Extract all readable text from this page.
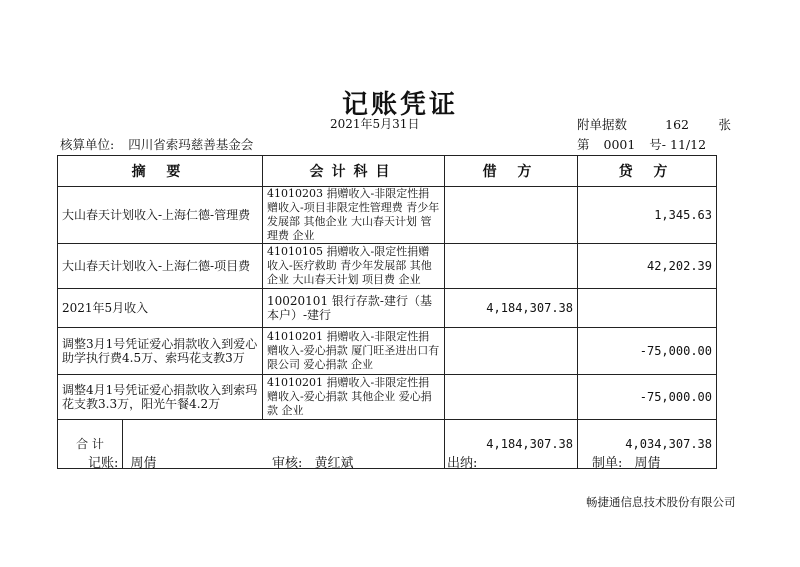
记账凭证
2021年5月31日	附单据数	162 张
核算单位: 四川省索玛慈善基金会	第 0001 号- 11/12
摘 要	会计科目	借 方	贷 方
大山春天计划收入-上海仁德-管理费	41010203 捐赠收入-非限定性捐赠收入-项目非限定性管理费 青少年发展部 其他企业 大山春天计划 管理费 企业		1,345.63
大山春天计划收入-上海仁德-项目费	41010105 捐赠收入-限定性捐赠收入-医疗救助 青少年发展部 其他企业 大山春天计划 项目费 企业		42,202.39
2021年5月收入	10020101 银行存款-建行（基本户）-建行	4,184,307.38	
调整3月1号凭证爱心捐款收入到爱心助学执行费4.5万、索玛花支教3万	41010201 捐赠收入-非限定性捐赠收入-爱心捐款 厦门旺圣进出口有限公司 爱心捐款 企业		-75,000.00
调整4月1号凭证爱心捐款收入到索玛花支教3.3万，阳光午餐4.2万	41010201 捐赠收入-非限定性捐赠收入-爱心捐款 其他企业 爱心捐款 企业		-75,000.00

合 计		4,184,307.38	4,034,307.38
记账: 周倩	审核: 黄红斌	出纳:	制单: 周倩
畅捷通信息技术股份有限公司
